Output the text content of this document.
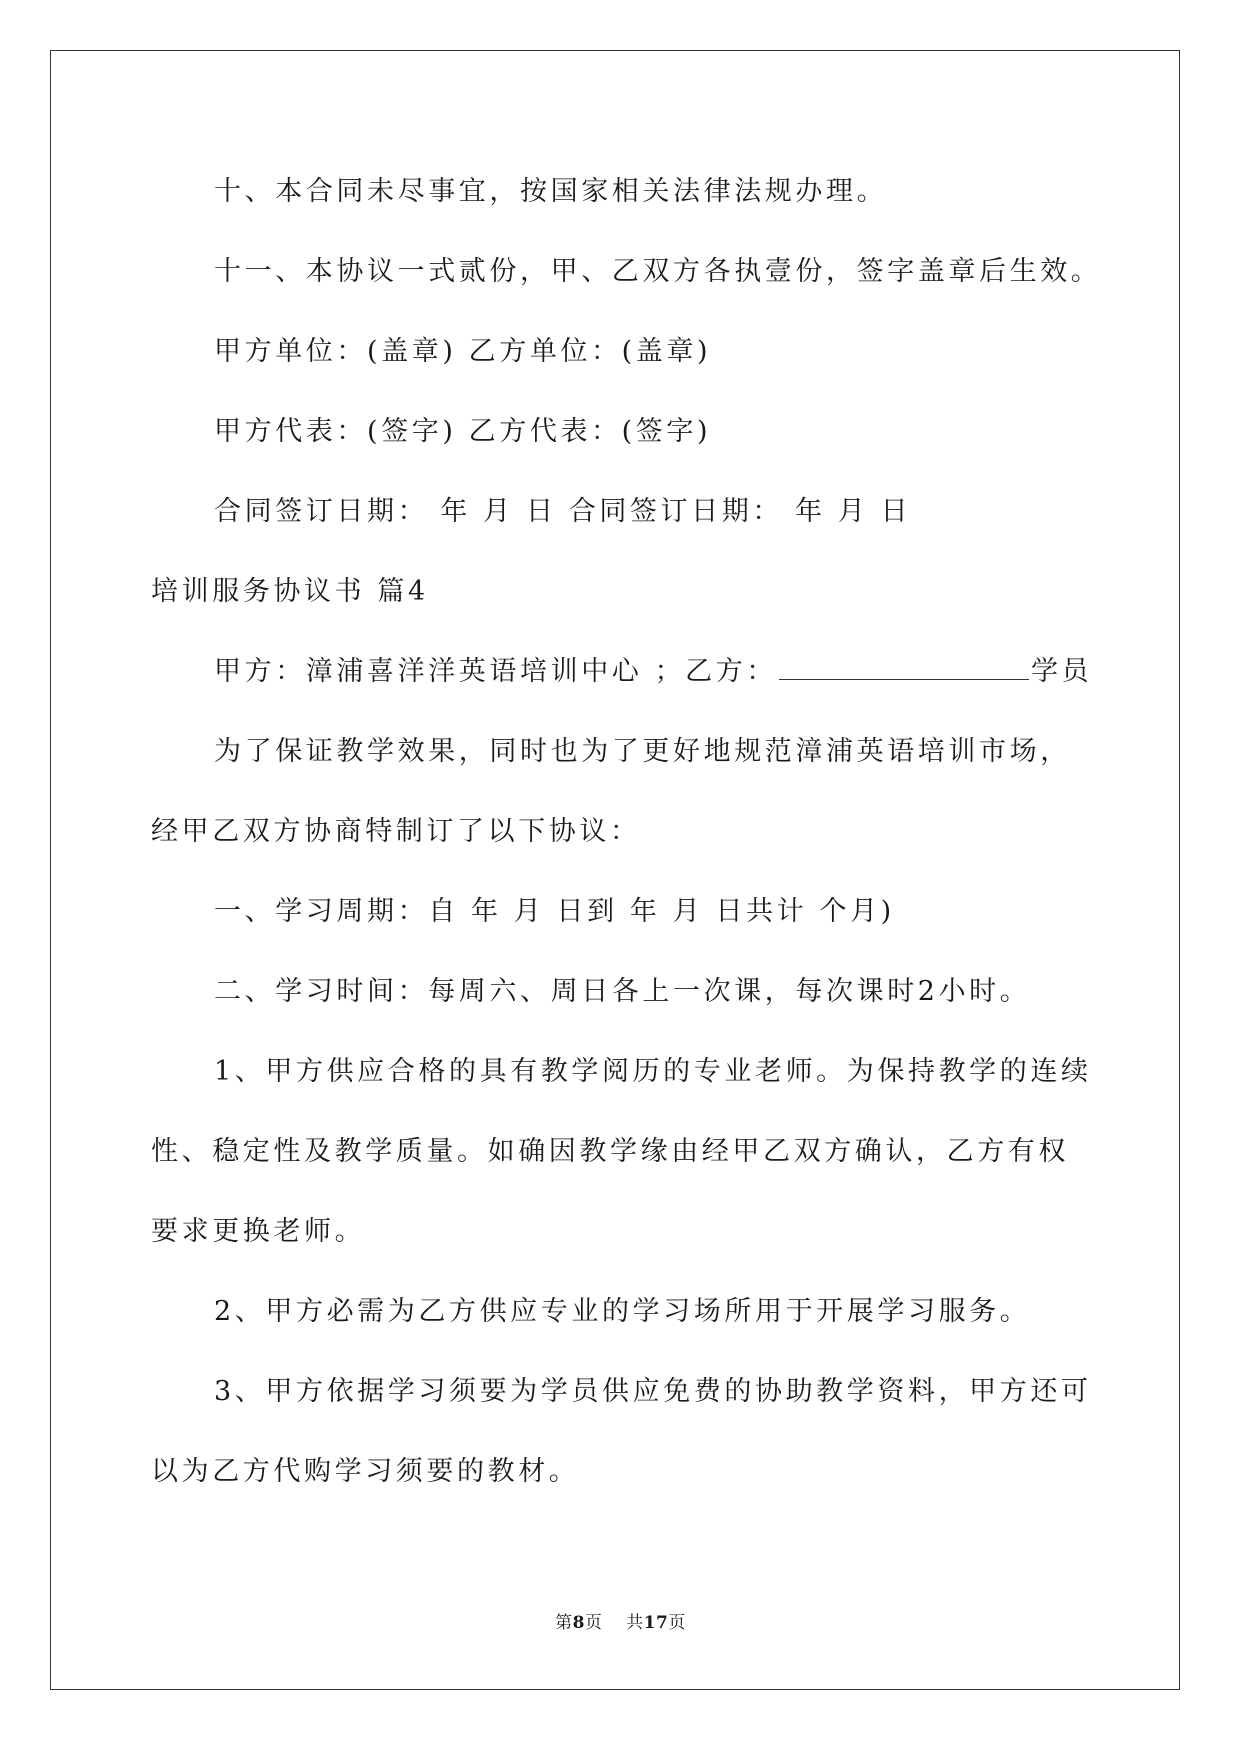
十、本合同未尽事宜，按国家相关法律法规办理。
十一、本协议一式贰份，甲、乙双方各执壹份，签字盖章后生效。
甲方单位：(盖章) 乙方单位：(盖章)
甲方代表：(签字) 乙方代表：(签字)
合同签订日期： 年 月 日 合同签订日期： 年 月 日
培训服务协议书 篇4
甲方：漳浦喜洋洋英语培训中心 ；乙方：	学员
为了保证教学效果，同时也为了更好地规范漳浦英语培训市场，
经甲乙双方协商特制订了以下协议：
一、学习周期：自 年 月 日到 年 月 日共计 个月)
二、学习时间：每周六、周日各上一次课，每次课时2小时。
1、甲方供应合格的具有教学阅历的专业老师。为保持教学的连续
性、稳定性及教学质量。如确因教学缘由经甲乙双方确认，乙方有权
要求更换老师。
2、甲方必需为乙方供应专业的学习场所用于开展学习服务。
3、甲方依据学习须要为学员供应免费的协助教学资料，甲方还可
以为乙方代购学习须要的教材。
第8页    共17页
